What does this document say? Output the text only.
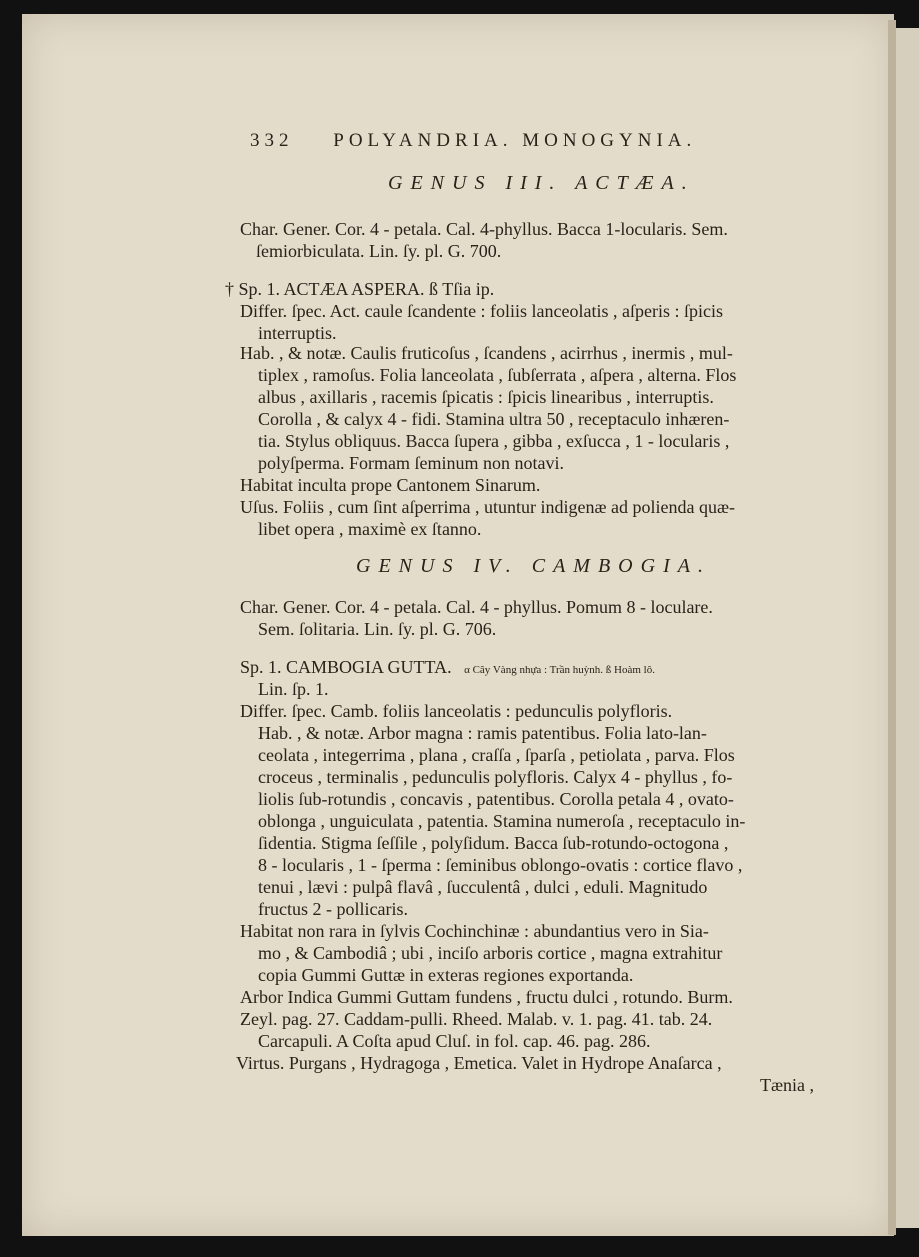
332 POLYANDRIA. MONOGYNIA.
GENUS III. ACTÆA.
Char. Gener. Cor. 4 - petala. Cal. 4-phyllus. Bacca 1-locularis. Sem.
ſemiorbiculata. Lin. ſy. pl. G. 700.
† Sp. 1. ACTÆA ASPERA. ß Tſia ip.
Differ. ſpec. Act. caule ſcandente : foliis lanceolatis , aſperis : ſpicis
interruptis.
Hab. , & notæ. Caulis fruticoſus , ſcandens , acirrhus , inermis , mul-
tiplex , ramoſus. Folia lanceolata , ſubſerrata , aſpera , alterna. Flos
albus , axillaris , racemis ſpicatis : ſpicis linearibus , interruptis.
Corolla , & calyx 4 - fidi. Stamina ultra 50 , receptaculo inhæren-
tia. Stylus obliquus. Bacca ſupera , gibba , exſucca , 1 - locularis ,
polyſperma. Formam ſeminum non notavi.
Habitat inculta prope Cantonem Sinarum.
Uſus. Foliis , cum ſint aſperrima , utuntur indigenæ ad polienda quæ-
libet opera , maximè ex ſtanno.
GENUS IV. CAMBOGIA.
Char. Gener. Cor. 4 - petala. Cal. 4 - phyllus. Pomum 8 - loculare.
Sem. ſolitaria. Lin. ſy. pl. G. 706.
Sp. 1. CAMBOGIA GUTTA. α Cây Vàng nhựa : Trần huỳnh. ß Hoàm lô.
Lin. ſp. 1.
Differ. ſpec. Camb. foliis lanceolatis : pedunculis polyfloris.
Hab. , & notæ. Arbor magna : ramis patentibus. Folia lato-lan-
ceolata , integerrima , plana , craſſa , ſparſa , petiolata , parva. Flos
croceus , terminalis , pedunculis polyfloris. Calyx 4 - phyllus , fo-
liolis ſub-rotundis , concavis , patentibus. Corolla petala 4 , ovato-
oblonga , unguiculata , patentia. Stamina numeroſa , receptaculo in-
ſidentia. Stigma ſeſſile , polyſidum. Bacca ſub-rotundo-octogona ,
8 - locularis , 1 - ſperma : ſeminibus oblongo-ovatis : cortice flavo ,
tenui , lævi : pulpâ flavâ , ſucculentâ , dulci , eduli. Magnitudo
fructus 2 - pollicaris.
Habitat non rara in ſylvis Cochinchinæ : abundantius vero in Sia-
mo , & Cambodiâ ; ubi , inciſo arboris cortice , magna extrahitur
copia Gummi Guttæ in exteras regiones exportanda.
Arbor Indica Gummi Guttam fundens , fructu dulci , rotundo. Burm.
Zeyl. pag. 27. Caddam-pulli. Rheed. Malab. v. 1. pag. 41. tab. 24.
Carcapuli. A Coſta apud Cluſ. in fol. cap. 46. pag. 286.
Virtus. Purgans , Hydragoga , Emetica. Valet in Hydrope Anaſarca ,
Tænia ,
